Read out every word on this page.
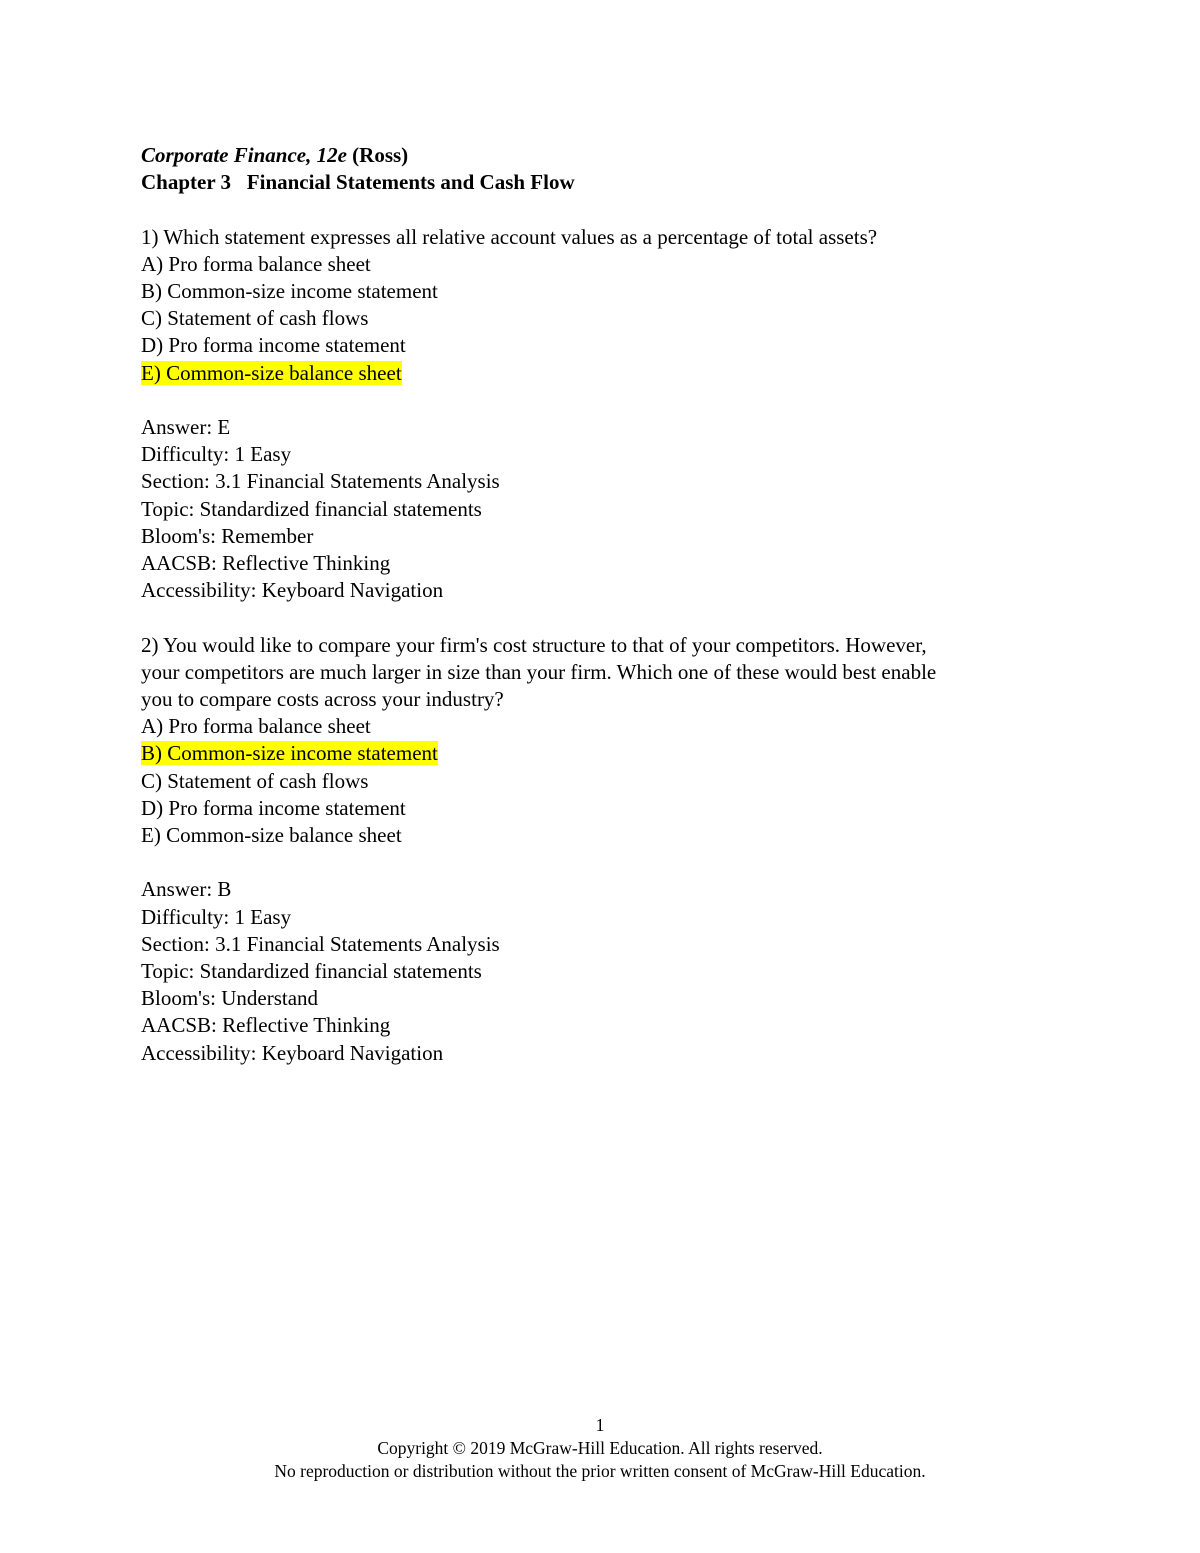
Corporate Finance, 12e (Ross)
Chapter 3 Financial Statements and Cash Flow
1) Which statement expresses all relative account values as a percentage of total assets?
A) Pro forma balance sheet
B) Common-size income statement
C) Statement of cash flows
D) Pro forma income statement
E) Common-size balance sheet
Answer: E
Difficulty: 1 Easy
Section: 3.1 Financial Statements Analysis
Topic: Standardized financial statements
Bloom's: Remember
AACSB: Reflective Thinking
Accessibility: Keyboard Navigation
2) You would like to compare your firm's cost structure to that of your competitors. However,
your competitors are much larger in size than your firm. Which one of these would best enable
you to compare costs across your industry?
A) Pro forma balance sheet
B) Common-size income statement
C) Statement of cash flows
D) Pro forma income statement
E) Common-size balance sheet
Answer: B
Difficulty: 1 Easy
Section: 3.1 Financial Statements Analysis
Topic: Standardized financial statements
Bloom's: Understand
AACSB: Reflective Thinking
Accessibility: Keyboard Navigation
1
Copyright © 2019 McGraw-Hill Education. All rights reserved.
No reproduction or distribution without the prior written consent of McGraw-Hill Education.
